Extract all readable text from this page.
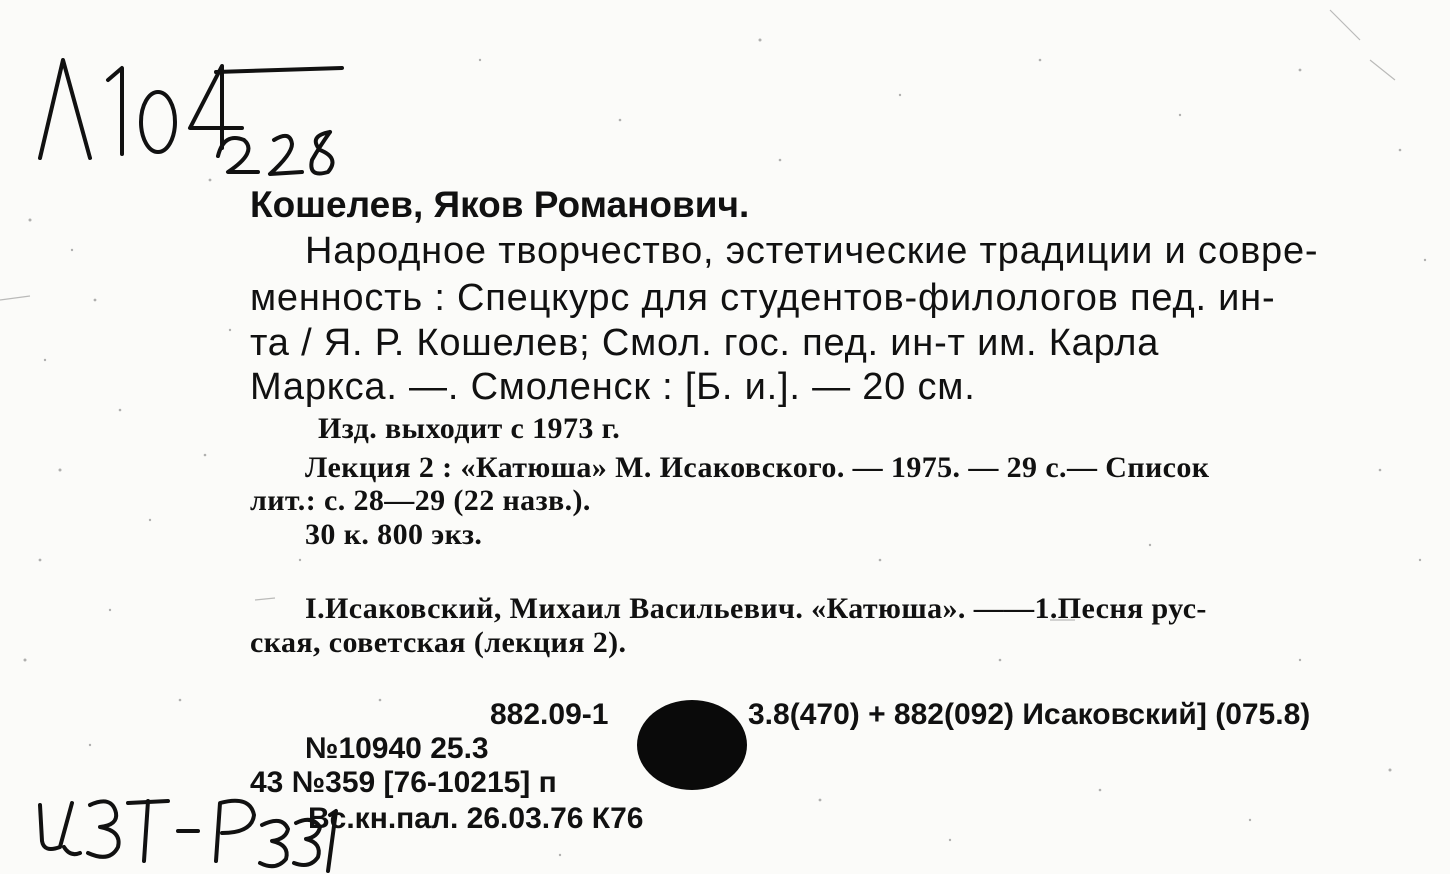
Кошелев, Яков Романович.
Народное творчество, эстетические традиции и совре-
менность : Спецкурс для студентов-филологов пед. ин-
та / Я. Р. Кошелев; Смол. гос. пед. ин-т им. Карла
Маркса. —. Смоленск : [Б. и.]. — 20 см.
Изд. выходит с 1973 г.
Лекция 2 : «Катюша» М. Исаковского. — 1975. — 29 с.— Список
лит.: с. 28—29 (22 назв.).
30 к. 800 экз.
I.Исаковский, Михаил Васильевич. «Катюша». ——1.Песня рус-
ская, советская (лекция 2).
882.09-1	3.8(470) + 882(092) Исаковский] (075.8)
№10940 25.3
43 №359 [76-10215] п
Вс.кн.пал. 26.03.76 К76
